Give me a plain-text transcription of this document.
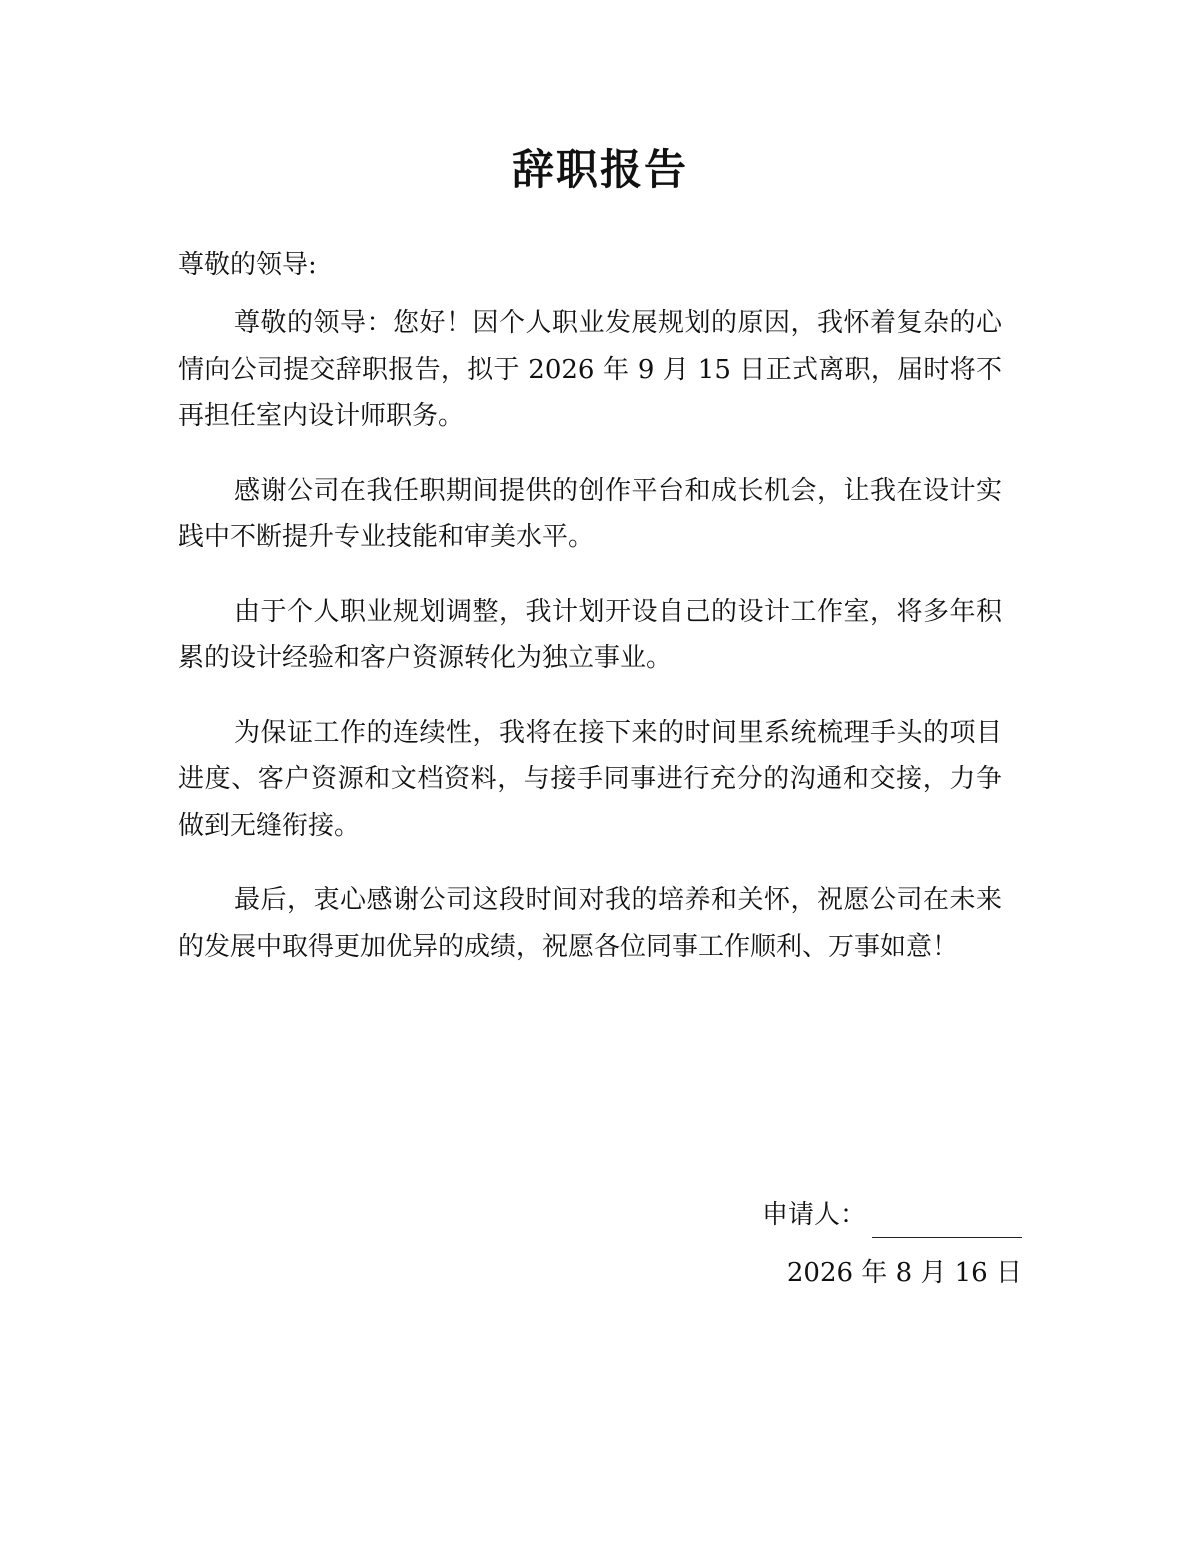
辞职报告
尊敬的领导:

尊敬的领导：您好！因个人职业发展规划的原因，我怀着复杂的心情向公司提交辞职报告，拟于 2026 年 9 月 15 日正式离职，届时将不再担任室内设计师职务。

感谢公司在我任职期间提供的创作平台和成长机会，让我在设计实践中不断提升专业技能和审美水平。

由于个人职业规划调整，我计划开设自己的设计工作室，将多年积累的设计经验和客户资源转化为独立事业。

为保证工作的连续性，我将在接下来的时间里系统梳理手头的项目进度、客户资源和文档资料，与接手同事进行充分的沟通和交接，力争做到无缝衔接。

最后，衷心感谢公司这段时间对我的培养和关怀，祝愿公司在未来的发展中取得更加优异的成绩，祝愿各位同事工作顺利、万事如意！

申请人：
2026 年 8 月 16 日
